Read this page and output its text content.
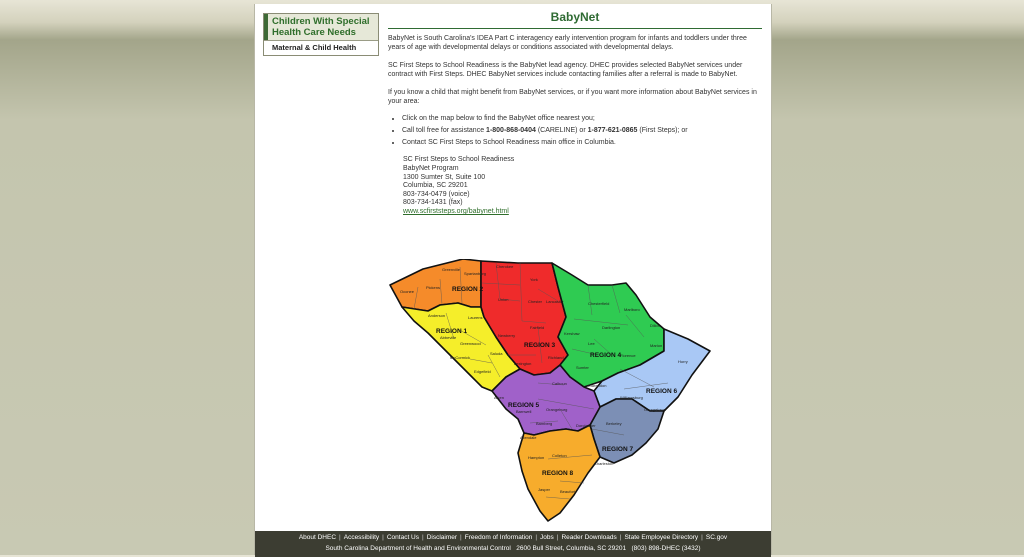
Children With Special Health Care Needs
Maternal & Child Health
BabyNet

BabyNet is South Carolina's IDEA Part C interagency early intervention program for infants and toddlers under three years of age with developmental delays or conditions associated with developmental delays.

SC First Steps to School Readiness is the BabyNet lead agency. DHEC provides selected BabyNet services under contract with First Steps. DHEC BabyNet services include contacting families after a referral is made to BabyNet.

If you know a child that might benefit from BabyNet services, or if you want more information about BabyNet services in your area:

• Click on the map below to find the BabyNet office nearest you;
• Call toll free for assistance 1-800-868-0404 (CARELINE) or 1-877-621-0865 (First Steps); or
• Contact SC First Steps to School Readiness main office in Columbia.
SC First Steps to School Readiness
BabyNet Program
1300 Sumter St, Suite 100
Columbia, SC 29201
803-734-0479 (voice)
803-734-1431 (fax)
www.scfirststeps.org/babynet.html
Oconee
Pickens
Greenville
Spartanburg
Cherokee
Union
Anderson	Laurens
Abbeville
Greenwood
McCormick
Saluda
Edgefield
York
Chester Lancaster
Newberry
Fairfield
Lexington
Richland
Chesterfield
Marlboro
Kershaw
Darlington	Dillon
Lee	Marion
Florence
Sumter
Clarendon
Horry
Williamsburg
Georgetown
Aiken
Calhoun
Barnwell	Orangeburg
Bamberg
Allendale
Dorchester	Berkeley
Charleston
Hampton Colleton
Jasper Beaufort
REGION 2
REGION 1
REGION 3
REGION 4
REGION 6
REGION 5
REGION 7
REGION 8
About DHEC | Accessibility | Contact Us | Disclaimer | Freedom of Information | Jobs | Reader Downloads | State Employee Directory | SC.gov
South Carolina Department of Health and Environmental Control 2600 Bull Street, Columbia, SC 29201 (803) 898-DHEC (3432)
